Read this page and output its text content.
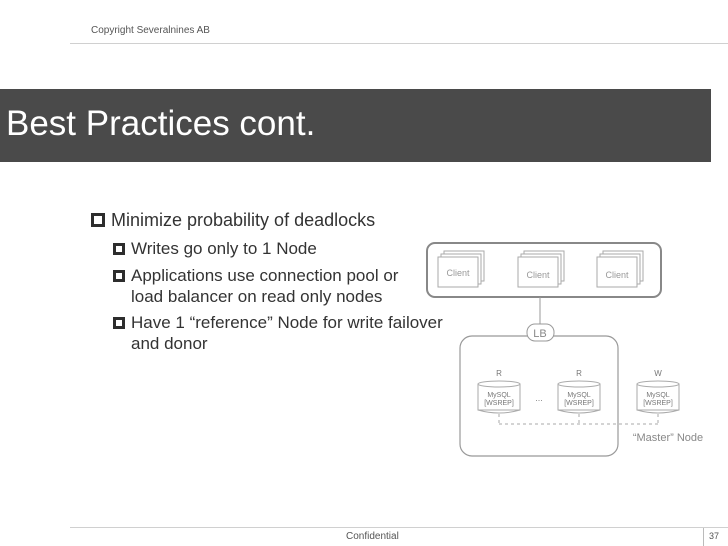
Copyright Severalnines AB
Best Practices cont.
Minimize probability of deadlocks
Writes go only to 1 Node
Applications use connection pool or
load balancer on read only nodes
Have 1 “reference” Node for write failover
and donor
Client	Client	Client
LB
R
MySQL
[WSREP]
...
R
MySQL
[WSREP]
W
MySQL
[WSREP]
“Master” Node
Confidential	37
